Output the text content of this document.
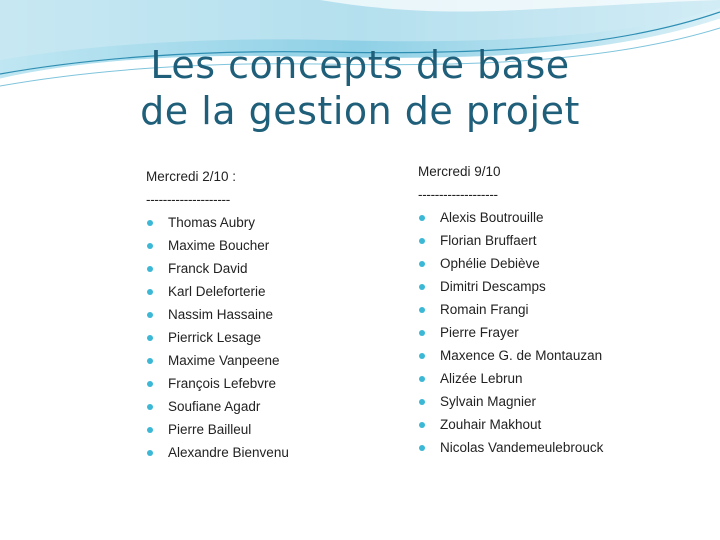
Les concepts de base
de la gestion de projet
Mercredi 2/10 :
--------------------
Thomas Aubry
Maxime Boucher
Franck David
Karl Deleforterie
Nassim Hassaine
Pierrick Lesage
Maxime Vanpeene
François Lefebvre
Soufiane Agadr
Pierre Bailleul
Alexandre Bienvenu
Mercredi 9/10
-------------------
Alexis Boutrouille
Florian Bruffaert
Ophélie Debiève
Dimitri Descamps
Romain Frangi
Pierre Frayer
Maxence G. de Montauzan
Alizée Lebrun
Sylvain Magnier
Zouhair Makhout
Nicolas Vandemeulebrouck
